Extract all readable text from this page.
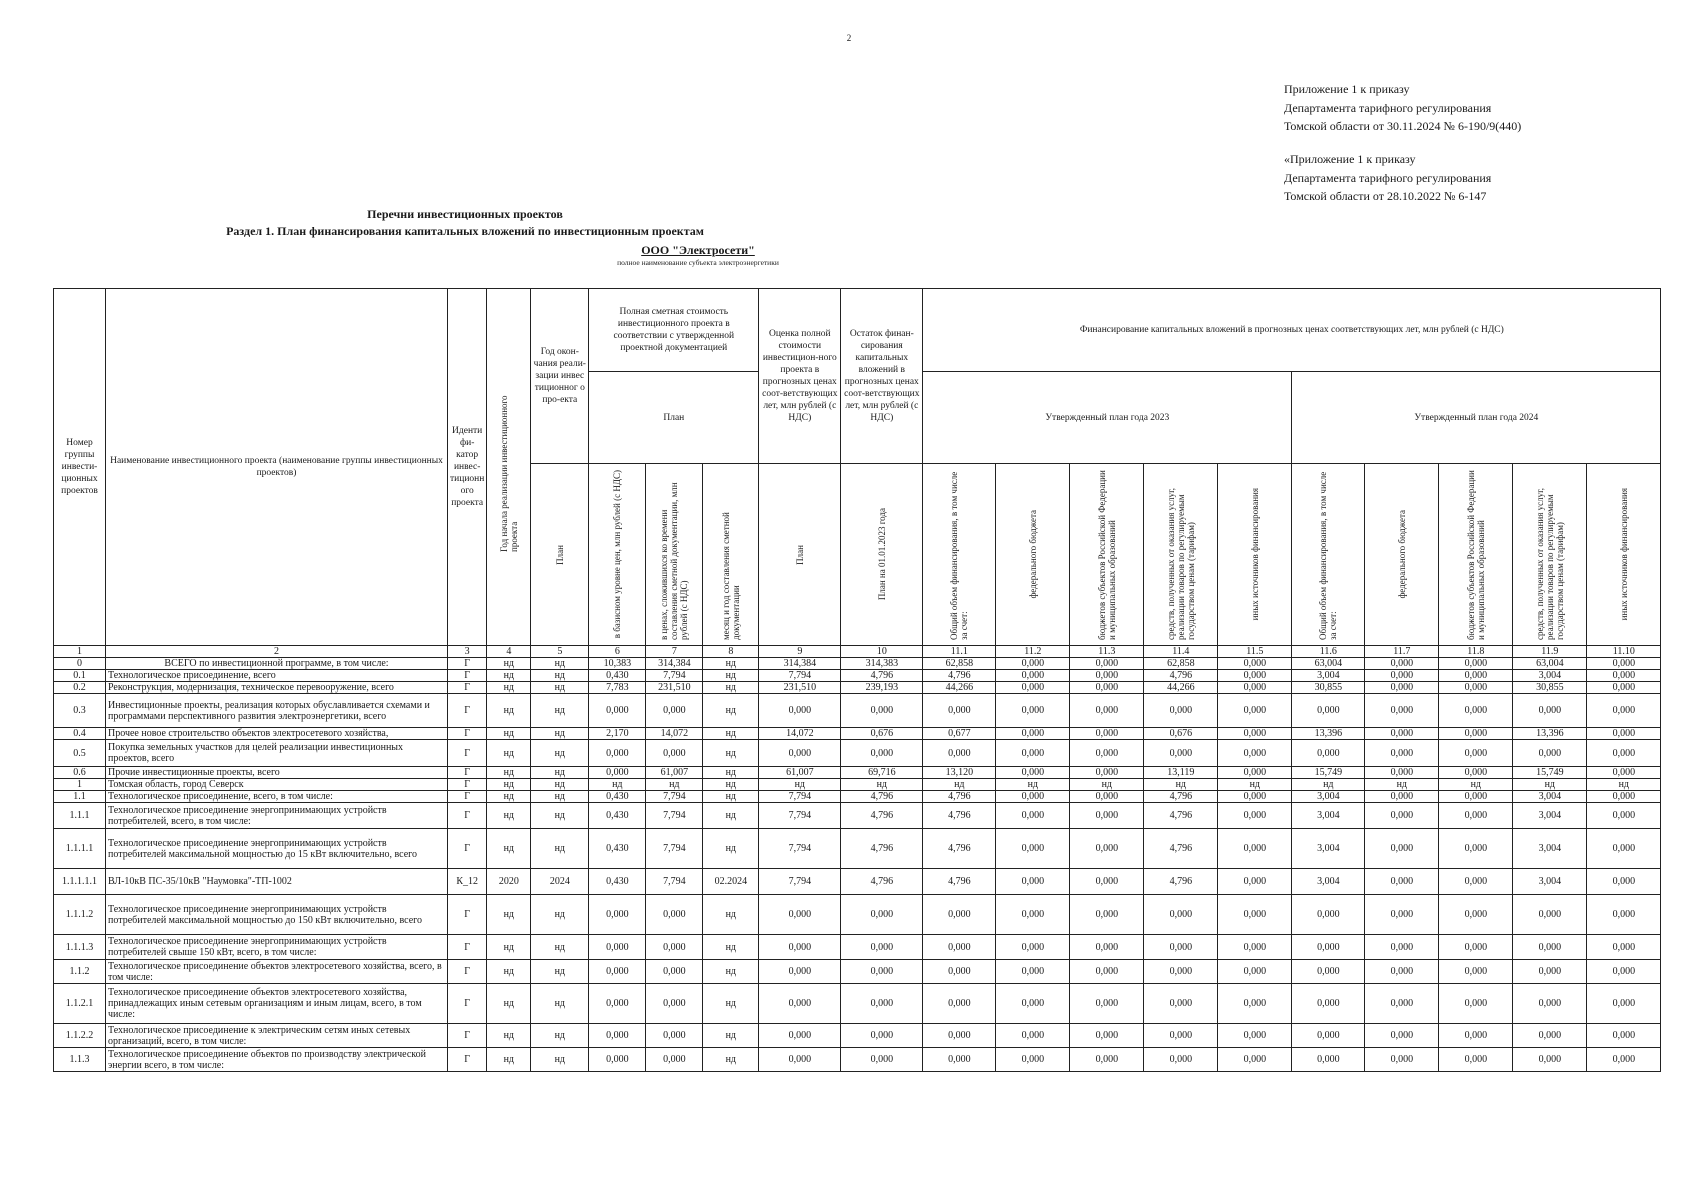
2
Приложение 1 к приказу
Департамента тарифного регулирования
Томской области от 30.11.2024 № 6-190/9(440)
«Приложение 1 к приказу
Департамента тарифного регулирования
Томской области от 28.10.2022 № 6-147
Перечни инвестиционных проектов
Раздел 1. План финансирования капитальных вложений по инвестиционным проектам
ООО "Электросети"
полное наименование субъекта электроэнергетики
Номер группы инвести-ционных проектов	Наименование инвестиционного проекта (наименование группы инвестиционных проектов)	Иденти фи-катор инвес-тиционн ого проекта	Год начала реализации инвестиционного проекта	Год окон-чания реали-зации инвес тиционног о про-екта	Полная сметная стоимость инвестиционного проекта в соответствии с утвержденной проектной документацией			Оценка полной стоимости инвестицион-ного проекта в прогнозных ценах соот-ветствующих лет, млн рублей (с НДС)	Остаток финан-сирования капитальных вложений в прогнозных ценах соот-ветствующих лет, млн рублей (с НДС)	Финансирование капитальных вложений в прогнозных ценах соответствующих лет, млн рублей (с НДС)									
					План					Утвержденный план года 2023					Утвержденный план года 2024				

				План	в базисном уровне цен, млн рублей (с НДС)	в ценах, сложившихся ко времени составления сметной документации, млн рублей (с НДС)	месяц и год составления сметной документации	План	План на 01.01.2023 года	Общий объем финансирования, в том числе за счет:	федерального бюджета	бюджетов субъектов Российской Федерации и муниципальных образований	средств, полученных от оказания услуг, реализации товаров по регулируемым государством ценам (тарифам)	иных источников финансирования	Общий объем финансирования, в том числе за счет:	федерального бюджета	бюджетов субъектов Российской Федерации и муниципальных образований	средств, полученных от оказания услуг, реализации товаров по регулируемым государством ценам (тарифам)	иных источников финансирования

1	2	3	4	5	6	7	8	9	10	11.1	11.2	11.3	11.4	11.5	11.6	11.7	11.8	11.9	11.10
0	ВСЕГО по инвестиционной программе, в том числе:	Г	нд	нд	10,383	314,384	нд	314,384	314,383	62,858	0,000	0,000	62,858	0,000	63,004	0,000	0,000	63,004	0,000
0.1	Технологическое присоединение, всего	Г	нд	нд	0,430	7,794	нд	7,794	4,796	4,796	0,000	0,000	4,796	0,000	3,004	0,000	0,000	3,004	0,000
0.2	Реконструкция, модернизация, техническое перевооружение, всего	Г	нд	нд	7,783	231,510	нд	231,510	239,193	44,266	0,000	0,000	44,266	0,000	30,855	0,000	0,000	30,855	0,000
0.3	Инвестиционные проекты, реализация которых обуславливается схемами и программами перспективного развития электроэнергетики, всего	Г	нд	нд	0,000	0,000	нд	0,000	0,000	0,000	0,000	0,000	0,000	0,000	0,000	0,000	0,000	0,000	0,000
0.4	Прочее новое строительство объектов электросетевого хозяйства,	Г	нд	нд	2,170	14,072	нд	14,072	0,676	0,677	0,000	0,000	0,676	0,000	13,396	0,000	0,000	13,396	0,000
0.5	Покупка земельных участков для целей реализации инвестиционных проектов, всего	Г	нд	нд	0,000	0,000	нд	0,000	0,000	0,000	0,000	0,000	0,000	0,000	0,000	0,000	0,000	0,000	0,000
0.6	Прочие инвестиционные проекты, всего	Г	нд	нд	0,000	61,007	нд	61,007	69,716	13,120	0,000	0,000	13,119	0,000	15,749	0,000	0,000	15,749	0,000
1	Томская область, город Северск	Г	нд	нд	нд	нд	нд	нд	нд	нд	нд	нд	нд	нд	нд	нд	нд	нд	нд
1.1	Технологическое присоединение, всего, в том числе:	Г	нд	нд	0,430	7,794	нд	7,794	4,796	4,796	0,000	0,000	4,796	0,000	3,004	0,000	0,000	3,004	0,000
1.1.1	Технологическое присоединение энергопринимающих устройств потребителей, всего, в том числе:	Г	нд	нд	0,430	7,794	нд	7,794	4,796	4,796	0,000	0,000	4,796	0,000	3,004	0,000	0,000	3,004	0,000
1.1.1.1	Технологическое присоединение энергопринимающих устройств потребителей максимальной мощностью до 15 кВт включительно, всего	Г	нд	нд	0,430	7,794	нд	7,794	4,796	4,796	0,000	0,000	4,796	0,000	3,004	0,000	0,000	3,004	0,000
1.1.1.1.1	ВЛ-10кВ ПС-35/10кВ "Наумовка"-ТП-1002	К_12	2020	2024	0,430	7,794	02.2024	7,794	4,796	4,796	0,000	0,000	4,796	0,000	3,004	0,000	0,000	3,004	0,000
1.1.1.2	Технологическое присоединение энергопринимающих устройств потребителей максимальной мощностью до 150 кВт включительно, всего	Г	нд	нд	0,000	0,000	нд	0,000	0,000	0,000	0,000	0,000	0,000	0,000	0,000	0,000	0,000	0,000	0,000
1.1.1.3	Технологическое присоединение энергопринимающих устройств потребителей свыше 150 кВт, всего, в том числе:	Г	нд	нд	0,000	0,000	нд	0,000	0,000	0,000	0,000	0,000	0,000	0,000	0,000	0,000	0,000	0,000	0,000
1.1.2	Технологическое присоединение объектов электросетевого хозяйства, всего, в том числе:	Г	нд	нд	0,000	0,000	нд	0,000	0,000	0,000	0,000	0,000	0,000	0,000	0,000	0,000	0,000	0,000	0,000
1.1.2.1	Технологическое присоединение объектов электросетевого хозяйства, принадлежащих иным сетевым организациям и иным лицам, всего, в том числе:	Г	нд	нд	0,000	0,000	нд	0,000	0,000	0,000	0,000	0,000	0,000	0,000	0,000	0,000	0,000	0,000	0,000
1.1.2.2	Технологическое присоединение к электрическим сетям иных сетевых организаций, всего, в том числе:	Г	нд	нд	0,000	0,000	нд	0,000	0,000	0,000	0,000	0,000	0,000	0,000	0,000	0,000	0,000	0,000	0,000
1.1.3	Технологическое присоединение объектов по производству электрической энергии всего, в том числе:	Г	нд	нд	0,000	0,000	нд	0,000	0,000	0,000	0,000	0,000	0,000	0,000	0,000	0,000	0,000	0,000	0,000
